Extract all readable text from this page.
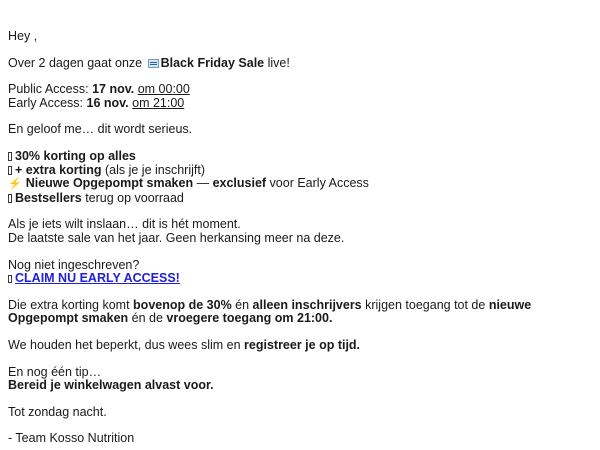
Hey ,

Over 2 dagen gaat onze Black Friday Sale live!

Public Access: 17 nov. om 00:00
Early Access: 16 nov. om 21:00

En geloof me… dit wordt serieus.

30% korting op alles
+ extra korting (als je je inschrijft)
⚡ Nieuwe Opgepompt smaken — exclusief voor Early Access
Bestsellers terug op voorraad

Als je iets wilt inslaan… dit is hét moment.
De laatste sale van het jaar. Geen herkansing meer na deze.

Nog niet ingeschreven?
CLAIM NU EARLY ACCESS!

Die extra korting komt bovenop de 30% én alleen inschrijvers krijgen toegang tot de nieuwe Opgepompt smaken én de vroegere toegang om 21:00.

We houden het beperkt, dus wees slim en registreer je op tijd.

En nog één tip…
Bereid je winkelwagen alvast voor.

Tot zondag nacht.

- Team Kosso Nutrition
